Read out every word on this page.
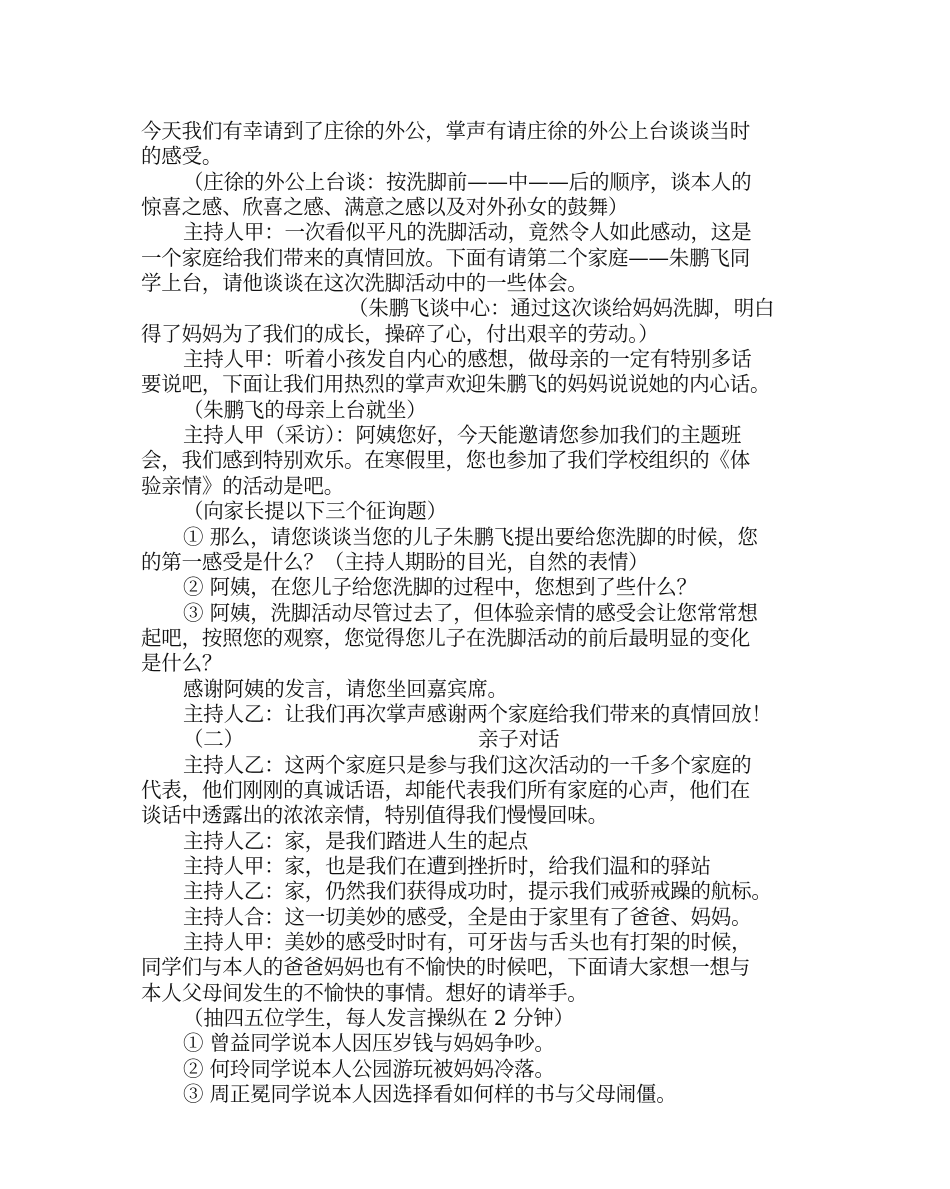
今天我们有幸请到了庄徐的外公，掌声有请庄徐的外公上台谈谈当时
的感受。
（庄徐的外公上台谈：按洗脚前——中——后的顺序，谈本人的
惊喜之感、欣喜之感、满意之感以及对外孙女的鼓舞）
主持人甲：一次看似平凡的洗脚活动，竟然令人如此感动，这是
一个家庭给我们带来的真情回放。下面有请第二个家庭——朱鹏飞同
学上台，请他谈谈在这次洗脚活动中的一些体会。
（朱鹏飞谈中心：通过这次谈给妈妈洗脚，明白
得了妈妈为了我们的成长，操碎了心，付出艰辛的劳动。）
主持人甲：听着小孩发自内心的感想，做母亲的一定有特别多话
要说吧，下面让我们用热烈的掌声欢迎朱鹏飞的妈妈说说她的内心话。
（朱鹏飞的母亲上台就坐）
主持人甲（采访）：阿姨您好，今天能邀请您参加我们的主题班
会，我们感到特别欢乐。在寒假里，您也参加了我们学校组织的《体
验亲情》的活动是吧。
（向家长提以下三个征询题）
① 那么，请您谈谈当您的儿子朱鹏飞提出要给您洗脚的时候，您
的第一感受是什么？（主持人期盼的目光，自然的表情）
② 阿姨，在您儿子给您洗脚的过程中，您想到了些什么？
③ 阿姨，洗脚活动尽管过去了，但体验亲情的感受会让您常常想
起吧，按照您的观察，您觉得您儿子在洗脚活动的前后最明显的变化
是什么？
感谢阿姨的发言，请您坐回嘉宾席。
主持人乙：让我们再次掌声感谢两个家庭给我们带来的真情回放！
（二）	亲子对话
主持人乙：这两个家庭只是参与我们这次活动的一千多个家庭的
代表，他们刚刚的真诚话语，却能代表我们所有家庭的心声，他们在
谈话中透露出的浓浓亲情，特别值得我们慢慢回味。
主持人乙：家，是我们踏进人生的起点
主持人甲：家，也是我们在遭到挫折时，给我们温和的驿站
主持人乙：家，仍然我们获得成功时，提示我们戒骄戒躁的航标。
主持人合：这一切美妙的感受，全是由于家里有了爸爸、妈妈。
主持人甲：美妙的感受时时有，可牙齿与舌头也有打架的时候，
同学们与本人的爸爸妈妈也有不愉快的时候吧，下面请大家想一想与
本人父母间发生的不愉快的事情。想好的请举手。
（抽四五位学生，每人发言操纵在 2 分钟）
① 曾益同学说本人因压岁钱与妈妈争吵。
② 何玲同学说本人公园游玩被妈妈冷落。
③ 周正冕同学说本人因选择看如何样的书与父母闹僵。
